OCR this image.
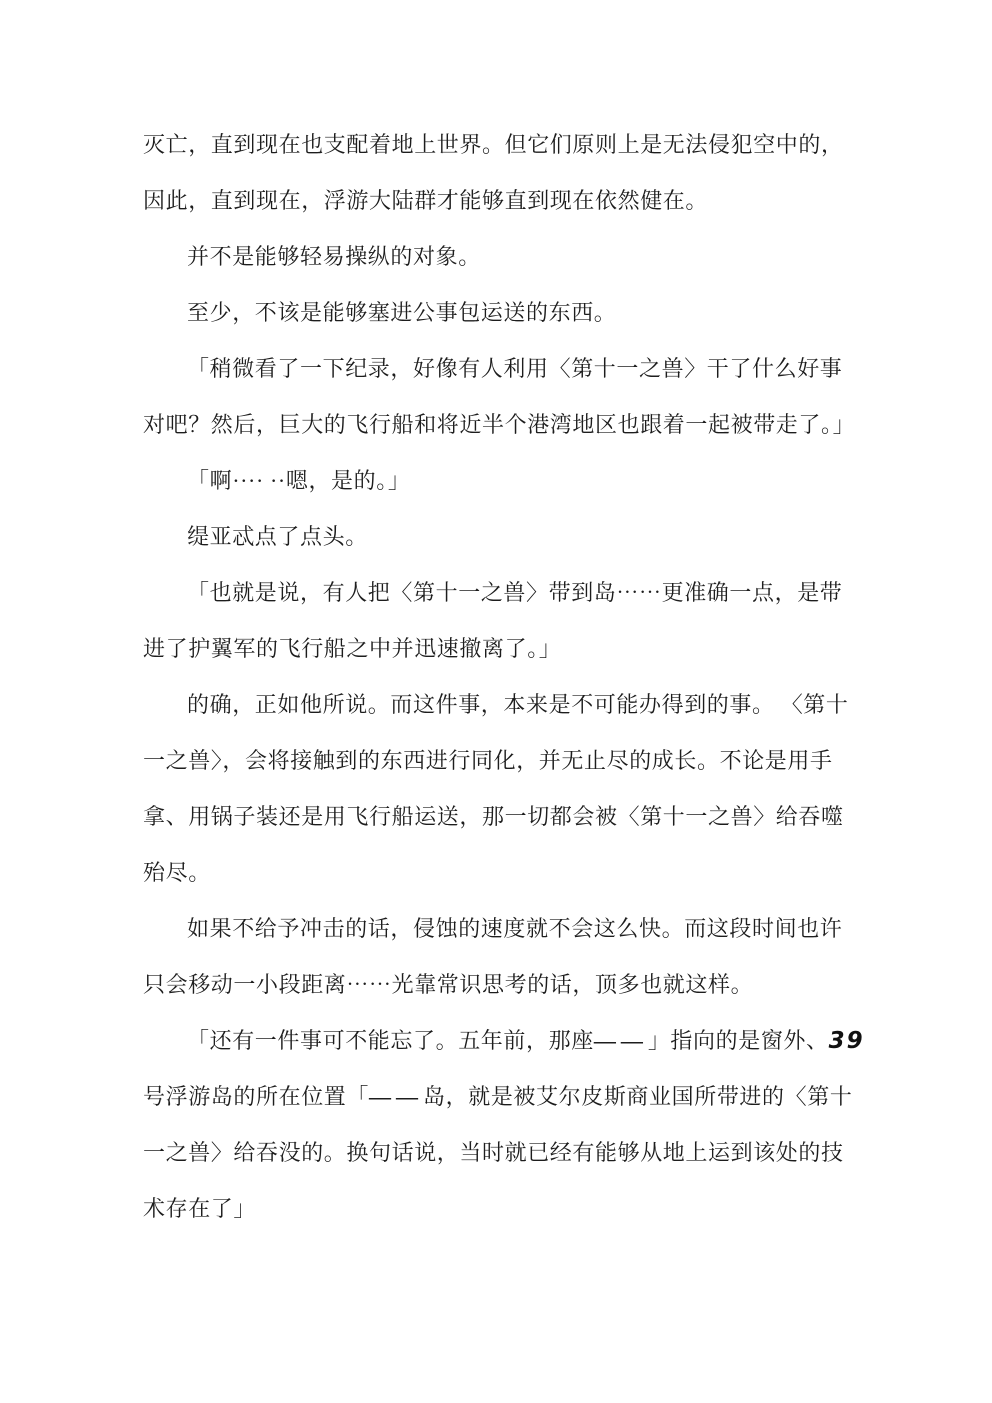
灭亡，直到现在也支配着地上世界。但它们原则上是无法侵犯空中的，
因此，直到现在，浮游大陆群才能够直到现在依然健在。
并不是能够轻易操纵的对象。
至少，不该是能够塞进公事包运送的东西。
「稍微看了一下纪录，好像有人利用〈第十一之兽〉干了什么好事
对吧？然后，巨大的飞行船和将近半个港湾地区也跟着一起被带走了。」
「啊···· ··嗯，是的。」
缇亚忒点了点头。
「也就是说，有人把〈第十一之兽〉带到岛⋯⋯更准确一点，是带
进了护翼军的飞行船之中并迅速撤离了。」
的确，正如他所说。而这件事，本来是不可能办得到的事。 〈第十
一之兽〉，会将接触到的东西进行同化，并无止尽的成长。不论是用手
拿、用锅子装还是用飞行船运送，那一切都会被〈第十一之兽〉给吞噬
殆尽。
如果不给予冲击的话，侵蚀的速度就不会这么快。而这段时间也许
只会移动一小段距离⋯⋯光靠常识思考的话，顶多也就这样。
「还有一件事可不能忘了。五年前，那座——」指向的是窗外、39
号浮游岛的所在位置「——岛，就是被艾尔皮斯商业国所带进的〈第十
一之兽〉给吞没的。换句话说，当时就已经有能够从地上运到该处的技
术存在了」
